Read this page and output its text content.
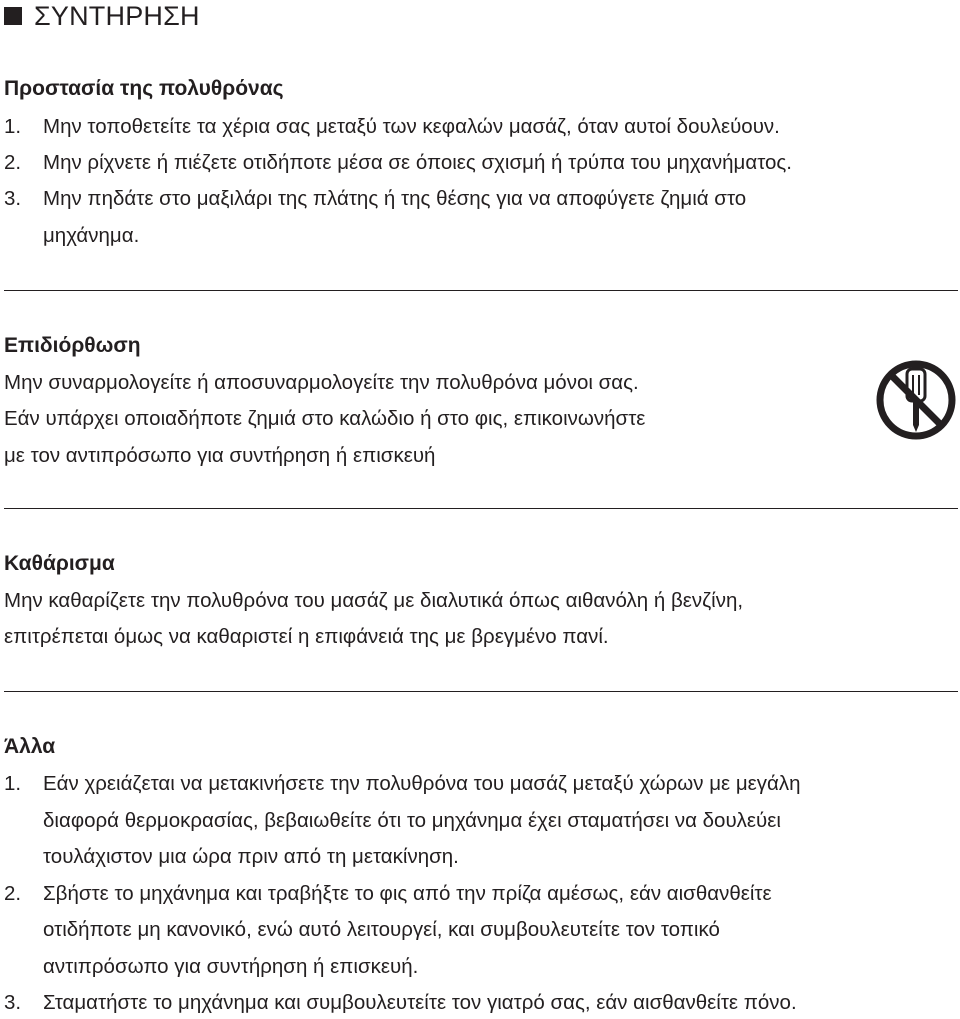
ΣΥΝΤΗΡΗΣΗ
Προστασία της πολυθρόνας
1. Μην τοποθετείτε τα χέρια σας μεταξύ των κεφαλών μασάζ, όταν αυτοί δουλεύουν.
2. Μην ρίχνετε ή πιέζετε οτιδήποτε μέσα σε όποιες σχισμή ή τρύπα του μηχανήματος.
3. Μην πηδάτε στο μαξιλάρι της πλάτης ή της θέσης για να αποφύγετε ζημιά στο
μηχάνημα.
Επιδιόρθωση
Μην συναρμολογείτε ή αποσυναρμολογείτε την πολυθρόνα μόνοι σας.
Εάν υπάρχει οποιαδήποτε ζημιά στο καλώδιο ή στο φις, επικοινωνήστε
με τον αντιπρόσωπο για συντήρηση ή επισκευή
Καθάρισμα
Μην καθαρίζετε την πολυθρόνα του μασάζ με διαλυτικά όπως αιθανόλη ή βενζίνη,
επιτρέπεται όμως να καθαριστεί η επιφάνειά της με βρεγμένο πανί.
Άλλα
1. Εάν χρειάζεται να μετακινήσετε την πολυθρόνα του μασάζ μεταξύ χώρων με μεγάλη
διαφορά θερμοκρασίας, βεβαιωθείτε ότι το μηχάνημα έχει σταματήσει να δουλεύει
τουλάχιστον μια ώρα πριν από τη μετακίνηση.
2. Σβήστε το μηχάνημα και τραβήξτε το φις από την πρίζα αμέσως, εάν αισθανθείτε
οτιδήποτε μη κανονικό, ενώ αυτό λειτουργεί, και συμβουλευτείτε τον τοπικό
αντιπρόσωπο για συντήρηση ή επισκευή.
3. Σταματήστε το μηχάνημα και συμβουλευτείτε τον γιατρό σας, εάν αισθανθείτε πόνο.
